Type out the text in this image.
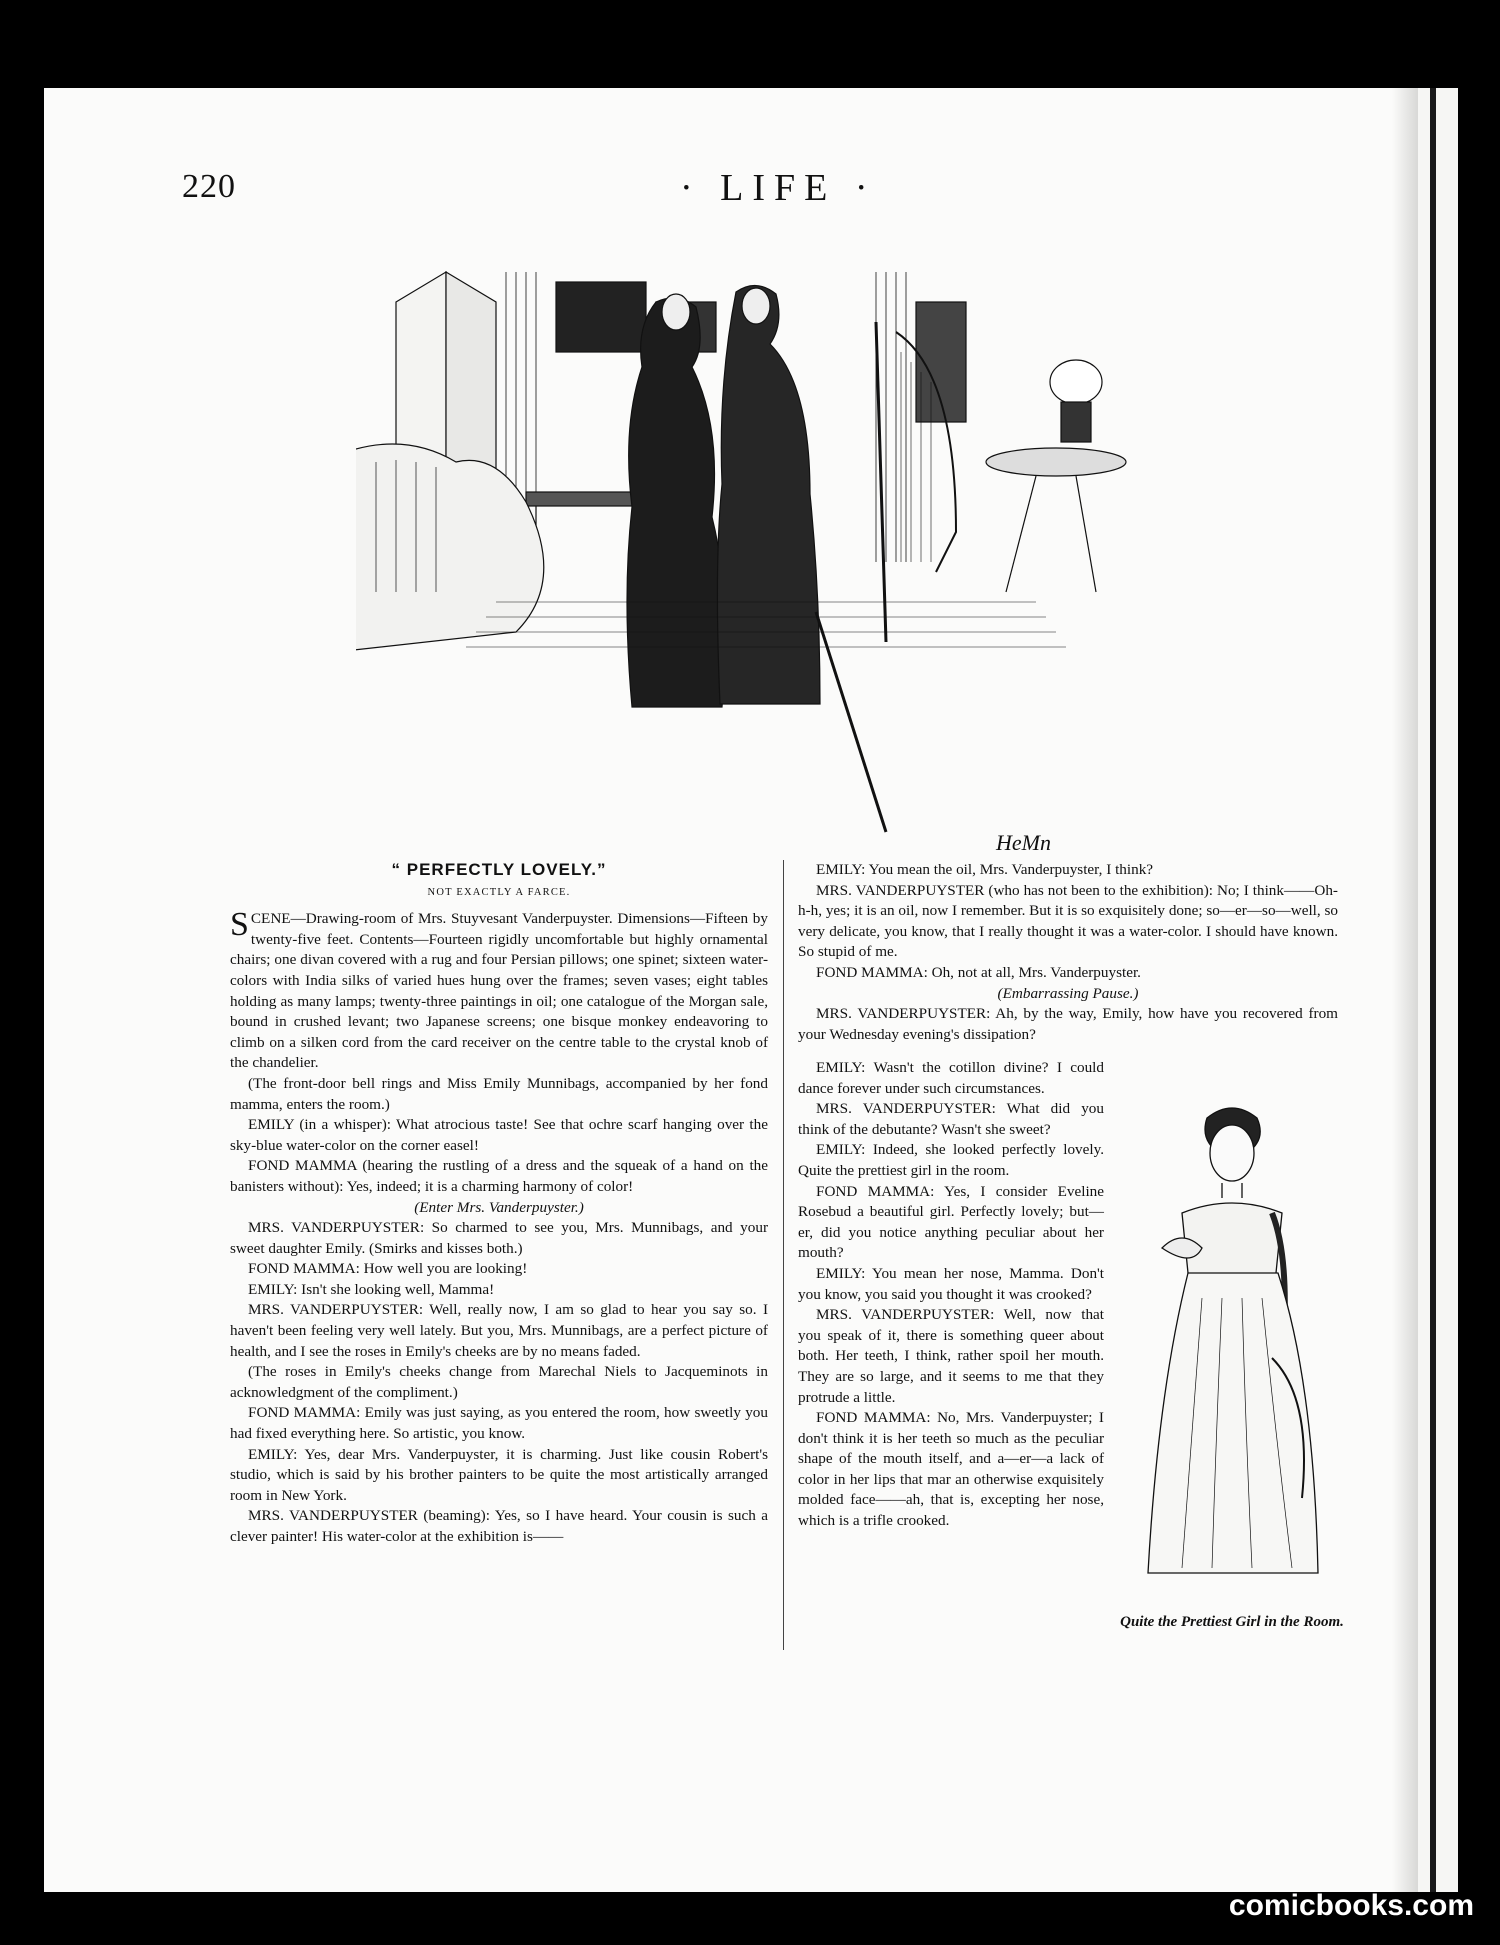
220	· LIFE ·
HeMn

“ PERFECTLY LOVELY.”

NOT EXACTLY A FARCE.

SCENE—Drawing-room of Mrs. Stuyvesant Vanderpuyster. Dimensions—Fifteen by twenty-five feet. Contents—Fourteen rigidly uncomfortable but highly ornamental chairs; one divan covered with a rug and four Persian pillows; one spinet; sixteen water-colors with India silks of varied hues hung over the frames; seven vases; eight tables holding as many lamps; twenty-three paintings in oil; one catalogue of the Morgan sale, bound in crushed levant; two Japanese screens; one bisque monkey endeavoring to climb on a silken cord from the card receiver on the centre table to the crystal knob of the chandelier.

(The front-door bell rings and Miss Emily Munnibags, accompanied by her fond mamma, enters the room.)

EMILY (in a whisper): What atrocious taste! See that ochre scarf hanging over the sky-blue water-color on the corner easel!

FOND MAMMA (hearing the rustling of a dress and the squeak of a hand on the banisters without): Yes, indeed; it is a charming harmony of color!

(Enter Mrs. Vanderpuyster.)

MRS. VANDERPUYSTER: So charmed to see you, Mrs. Munnibags, and your sweet daughter Emily. (Smirks and kisses both.)

FOND MAMMA: How well you are looking!

EMILY: Isn't she looking well, Mamma!

MRS. VANDERPUYSTER: Well, really now, I am so glad to hear you say so. I haven't been feeling very well lately. But you, Mrs. Munnibags, are a perfect picture of health, and I see the roses in Emily's cheeks are by no means faded.

(The roses in Emily's cheeks change from Marechal Niels to Jacqueminots in acknowledgment of the compliment.)

FOND MAMMA: Emily was just saying, as you entered the room, how sweetly you had fixed everything here. So artistic, you know.

EMILY: Yes, dear Mrs. Vanderpuyster, it is charming. Just like cousin Robert's studio, which is said by his brother painters to be quite the most artistically arranged room in New York.

MRS. VANDERPUYSTER (beaming): Yes, so I have heard. Your cousin is such a clever painter! His water-color at the exhibition is——

EMILY: You mean the oil, Mrs. Vanderpuyster, I think?

MRS. VANDERPUYSTER (who has not been to the exhibition): No; I think——Oh-h-h, yes; it is an oil, now I remember. But it is so exquisitely done; so—er—so—well, so very delicate, you know, that I really thought it was a water-color. I should have known. So stupid of me.

FOND MAMMA: Oh, not at all, Mrs. Vanderpuyster.

(Embarrassing Pause.)

MRS. VANDERPUYSTER: Ah, by the way, Emily, how have you recovered from your Wednesday evening's dissipation?

EMILY: Wasn't the cotillon divine? I could dance forever under such circumstances.

MRS. VANDERPUYSTER: What did you think of the debutante? Wasn't she sweet?

EMILY: Indeed, she looked perfectly lovely. Quite the prettiest girl in the room.

FOND MAMMA: Yes, I consider Eveline Rosebud a beautiful girl. Perfectly lovely; but—er, did you notice anything peculiar about her mouth?

EMILY: You mean her nose, Mamma. Don't you know, you said you thought it was crooked?

MRS. VANDERPUYSTER: Well, now that you speak of it, there is something queer about both. Her teeth, I think, rather spoil her mouth. They are so large, and it seems to me that they protrude a little.

FOND MAMMA: No, Mrs. Vanderpuyster; I don't think it is her teeth so much as the peculiar shape of the mouth itself, and a—er—a lack of color in her lips that mar an otherwise exquisitely molded face——ah, that is, excepting her nose, which is a trifle crooked.

Quite the Prettiest Girl in the Room.
comicbooks.com
